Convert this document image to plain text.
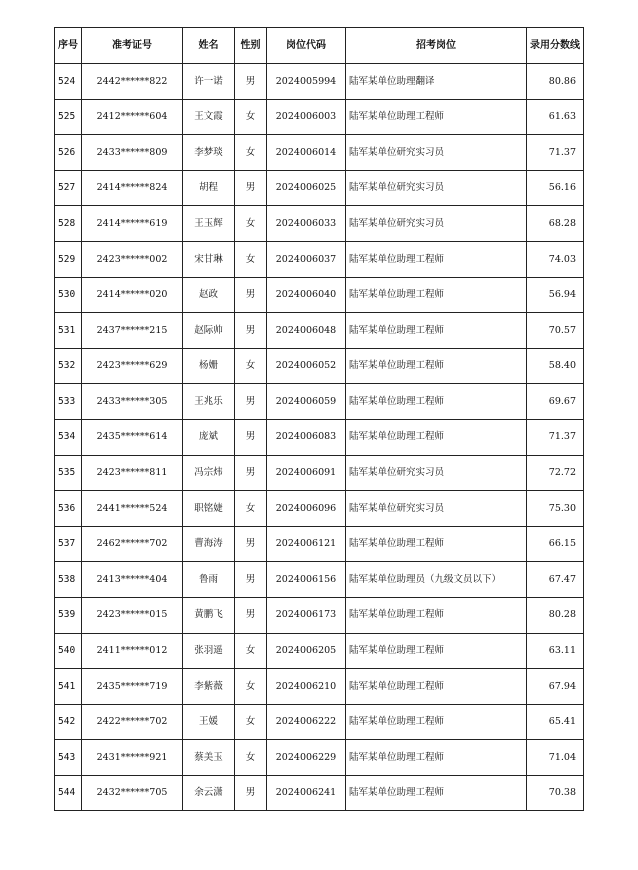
序号	准考证号	姓名	性别	岗位代码	招考岗位	录用分数线
524	2442******822	许一诺	男	2024005994	陆军某单位助理翻译	80.86
525	2412******604	王文霞	女	2024006003	陆军某单位助理工程师	61.63
526	2433******809	李梦琰	女	2024006014	陆军某单位研究实习员	71.37
527	2414******824	胡程	男	2024006025	陆军某单位研究实习员	56.16
528	2414******619	王玉辉	女	2024006033	陆军某单位研究实习员	68.28
529	2423******002	宋甘琳	女	2024006037	陆军某单位助理工程师	74.03
530	2414******020	赵政	男	2024006040	陆军某单位助理工程师	56.94
531	2437******215	赵际帅	男	2024006048	陆军某单位助理工程师	70.57
532	2423******629	杨姗	女	2024006052	陆军某单位助理工程师	58.40
533	2433******305	王兆乐	男	2024006059	陆军某单位助理工程师	69.67
534	2435******614	庞斌	男	2024006083	陆军某单位助理工程师	71.37
535	2423******811	冯宗炜	男	2024006091	陆军某单位研究实习员	72.72
536	2441******524	职铭婕	女	2024006096	陆军某单位研究实习员	75.30
537	2462******702	曹海涛	男	2024006121	陆军某单位助理工程师	66.15
538	2413******404	鲁雨	男	2024006156	陆军某单位助理员（九级文员以下）	67.47
539	2423******015	黄鹏飞	男	2024006173	陆军某单位助理工程师	80.28
540	2411******012	张羽遥	女	2024006205	陆军某单位助理工程师	63.11
541	2435******719	李紫薇	女	2024006210	陆军某单位助理工程师	67.94
542	2422******702	王媛	女	2024006222	陆军某单位助理工程师	65.41
543	2431******921	蔡美玉	女	2024006229	陆军某单位助理工程师	71.04
544	2432******705	余云潇	男	2024006241	陆军某单位助理工程师	70.38
